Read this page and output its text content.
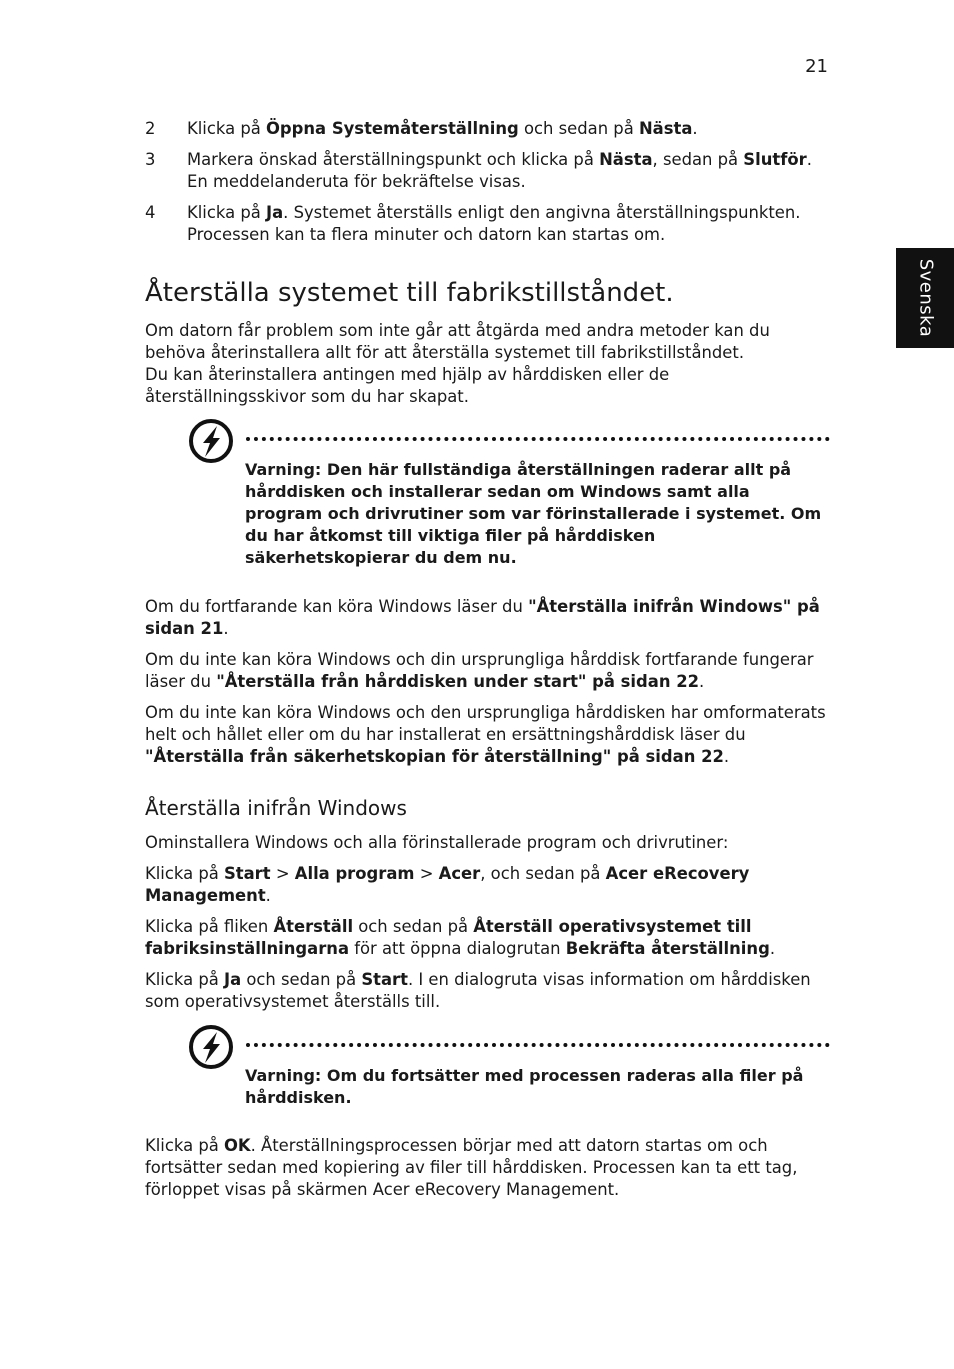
21
Svenska
2 Klicka på Öppna Systemåterställning och sedan på Nästa.

3 Markera önskad återställningspunkt och klicka på Nästa, sedan på Slutför.
En meddelanderuta för bekräftelse visas.

4 Klicka på Ja. Systemet återställs enligt den angivna återställningspunkten.
Processen kan ta flera minuter och datorn kan startas om.

Återställa systemet till fabrikstillståndet.

Om datorn får problem som inte går att åtgärda med andra metoder kan du behöva återinstallera allt för att återställa systemet till fabrikstillståndet.
Du kan återinstallera antingen med hjälp av hårddisken eller de återställningsskivor som du har skapat.

Varning: Den här fullständiga återställningen raderar allt på hårddisken och installerar sedan om Windows samt alla program och drivrutiner som var förinstallerade i systemet. Om du har åtkomst till viktiga filer på hårddisken säkerhetskopierar du dem nu.

Om du fortfarande kan köra Windows läser du "Återställa inifrån Windows" på sidan 21.

Om du inte kan köra Windows och din ursprungliga hårddisk fortfarande fungerar läser du "Återställa från hårddisken under start" på sidan 22.

Om du inte kan köra Windows och den ursprungliga hårddisken har omformaterats helt och hållet eller om du har installerat en ersättningshårddisk läser du "Återställa från säkerhetskopian för återställning" på sidan 22.

Återställa inifrån Windows

Ominstallera Windows och alla förinstallerade program och drivrutiner:

Klicka på Start > Alla program > Acer, och sedan på Acer eRecovery Management.

Klicka på fliken Återställ och sedan på Återställ operativsystemet till fabriksinställningarna för att öppna dialogrutan Bekräfta återställning.

Klicka på Ja och sedan på Start. I en dialogruta visas information om hårddisken som operativsystemet återställs till.

Varning: Om du fortsätter med processen raderas alla filer på hårddisken.

Klicka på OK. Återställningsprocessen börjar med att datorn startas om och fortsätter sedan med kopiering av filer till hårddisken. Processen kan ta ett tag, förloppet visas på skärmen Acer eRecovery Management.
